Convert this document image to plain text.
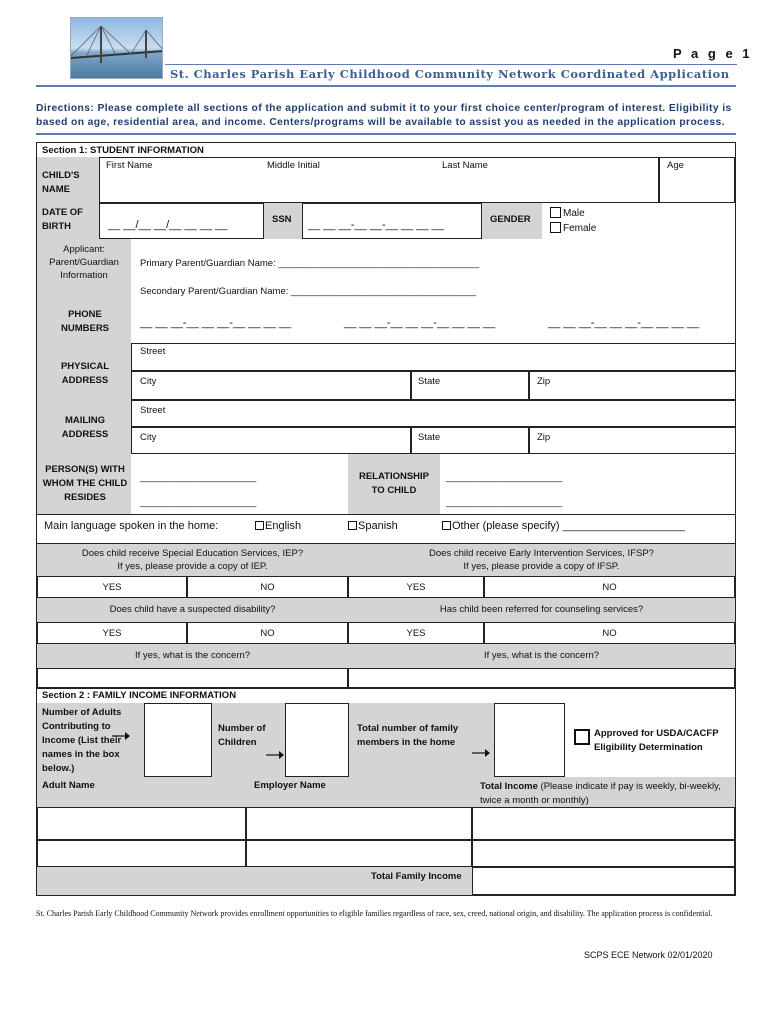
P a g e 1
St. Charles Parish Early Childhood Community Network Coordinated Application
Directions: Please complete all sections of the application and submit it to your first choice center/program of interest. Eligibility is based on age, residential area, and income. Centers/programs will be available to assist you as needed in the application process.
Section 1: STUDENT INFORMATION
CHILD'S NAME
First Name	Middle Initial	Last Name	Age
DATE OF BIRTH	__ __/__ __/__ __ __ __	SSN __ __ __-__ __-__ __ __ __	GENDER
Male
Female
Applicant: Parent/Guardian Information
Primary Parent/Guardian Name: ______________________________________
Secondary Parent/Guardian Name: ___________________________________
PHONE NUMBERS	__ __ __-__ __ __-__ __ __ __	__ __ __-__ __ __-__ __ __ __	__ __ __-__ __ __-__ __ __ __
PHYSICAL ADDRESS
Street
City	State	Zip
MAILING ADDRESS
Street
City	State	Zip
PERSON(S) WITH WHOM THE CHILD RESIDES
______________________
______________________
RELATIONSHIP TO CHILD
______________________
______________________
Main language spoken in the home:	English	Spanish	Other (please specify) ____________________
Does child receive Special Education Services, IEP?
If yes, please provide a copy of IEP.
Does child receive Early Intervention Services, IFSP?
If yes, please provide a copy of IFSP.
YES	NO	YES	NO
Does child have a suspected disability?	Has child been referred for counseling services?
YES	NO	YES	NO
If yes, what is the concern?	If yes, what is the concern?
Section 2 : FAMILY INCOME INFORMATION
Number of Adults Contributing to Income (List their names in the box below.)
Number of Children
Total number of family members in the home
Approved for USDA/CACFP Eligibility Determination
Adult Name	Employer Name	Total Income (Please indicate if pay is weekly, bi-weekly, twice a month or monthly)
Total Family Income
St. Charles Parish Early Childhood Community Network provides enrollment opportunities to eligible families regardless of race, sex, creed, national origin, and disability. The application process is confidential.
SCPS ECE Network 02/01/2020
